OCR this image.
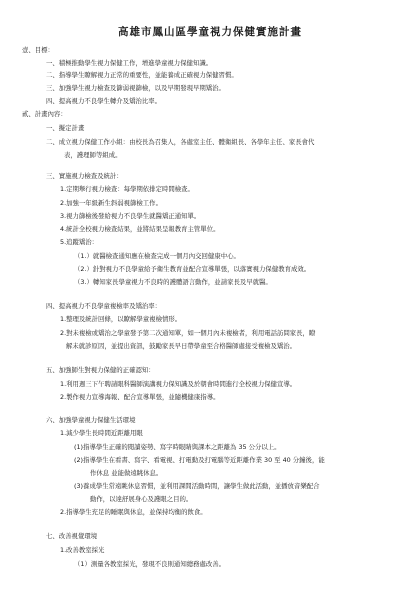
高雄市鳳山區學童視力保健實施計畫
壹、目標：
一、積極推動學生視力保健工作，增進學童視力保健知識。
二、指導學生瞭解視力正常的重要性，並能養成正確視力保健習慣。
三、加強學生視力檢查及篩弱視篩檢，以及早期發現早期矯治。
四、提高視力不良學生轉介及矯治比率。
貳、計畫內容：
一、擬定計畫
二、成立視力保健工作小組：由校長為召集人，各處室主任、體衛組長、各學年主任、家長會代
表，護理師等組成。
三、實施視力檢查及統計：
1.定期舉行視力檢查：每學期依排定時間檢查。
2.加強一年級新生斜弱視篩檢工作。
3.視力篩檢後發給視力不良學生就醫矯正通知單。
4.統計全校視力檢查結果，並將結果呈報教育主管單位。
5.追蹤矯治：
（1.）就醫檢查通知應在檢查完成一個月內交回健康中心。
（2.）針對視力不良學童給予衛生教育並配合宣導單張，以落實視力保健教育成效。
（3.）轉知家長學童視力不良時的護體語言動作，並請家長及早就醫。
四、提高視力不良學童複檢率及矯治率：
1.整理及統計回條，以瞭解學童複檢情形。
2.對未複檢或矯治之學童發予第二次通知單，如一個月內未複檢者，利用電話訪問家長，瞭
解未就診原因，並提出資訊，鼓勵家長早日帶學童至合格醫師處接受複檢及矯治。
五、加強師生對視力保健的正確認知：
1.利用週三下午聘請眼科醫師演講視力保知識及於朝會時間進行全校視力保健宣導。
2.製作視力宣導海報、配合宣導單張，並隨機健康指導。
六、加強學童視力保健生活環境
1.減少學生長時間近距離用眼
(1)指導學生正確的閱讀姿勢、寫字時眼睛與課本之距離為 35 公分以上。
(2)指導學生在看書、寫字、看電視、打電動及打電腦等近距離作業 30 至 40 分鐘後，能
作休息 並能做遠眺休息。
(3)養成學生常遠眺休息習慣，並利用課間活動時間，讓學生做此活動，並播放音樂配合
動作，以達舒展身心及護眼之目的。
2.指導學生充足的睡眠與休息，並保持均衡的飲食。
七、改善視覺環境
1.改善教室採光
（1）測量各教室採光，發現不良則通知總務處改善。
